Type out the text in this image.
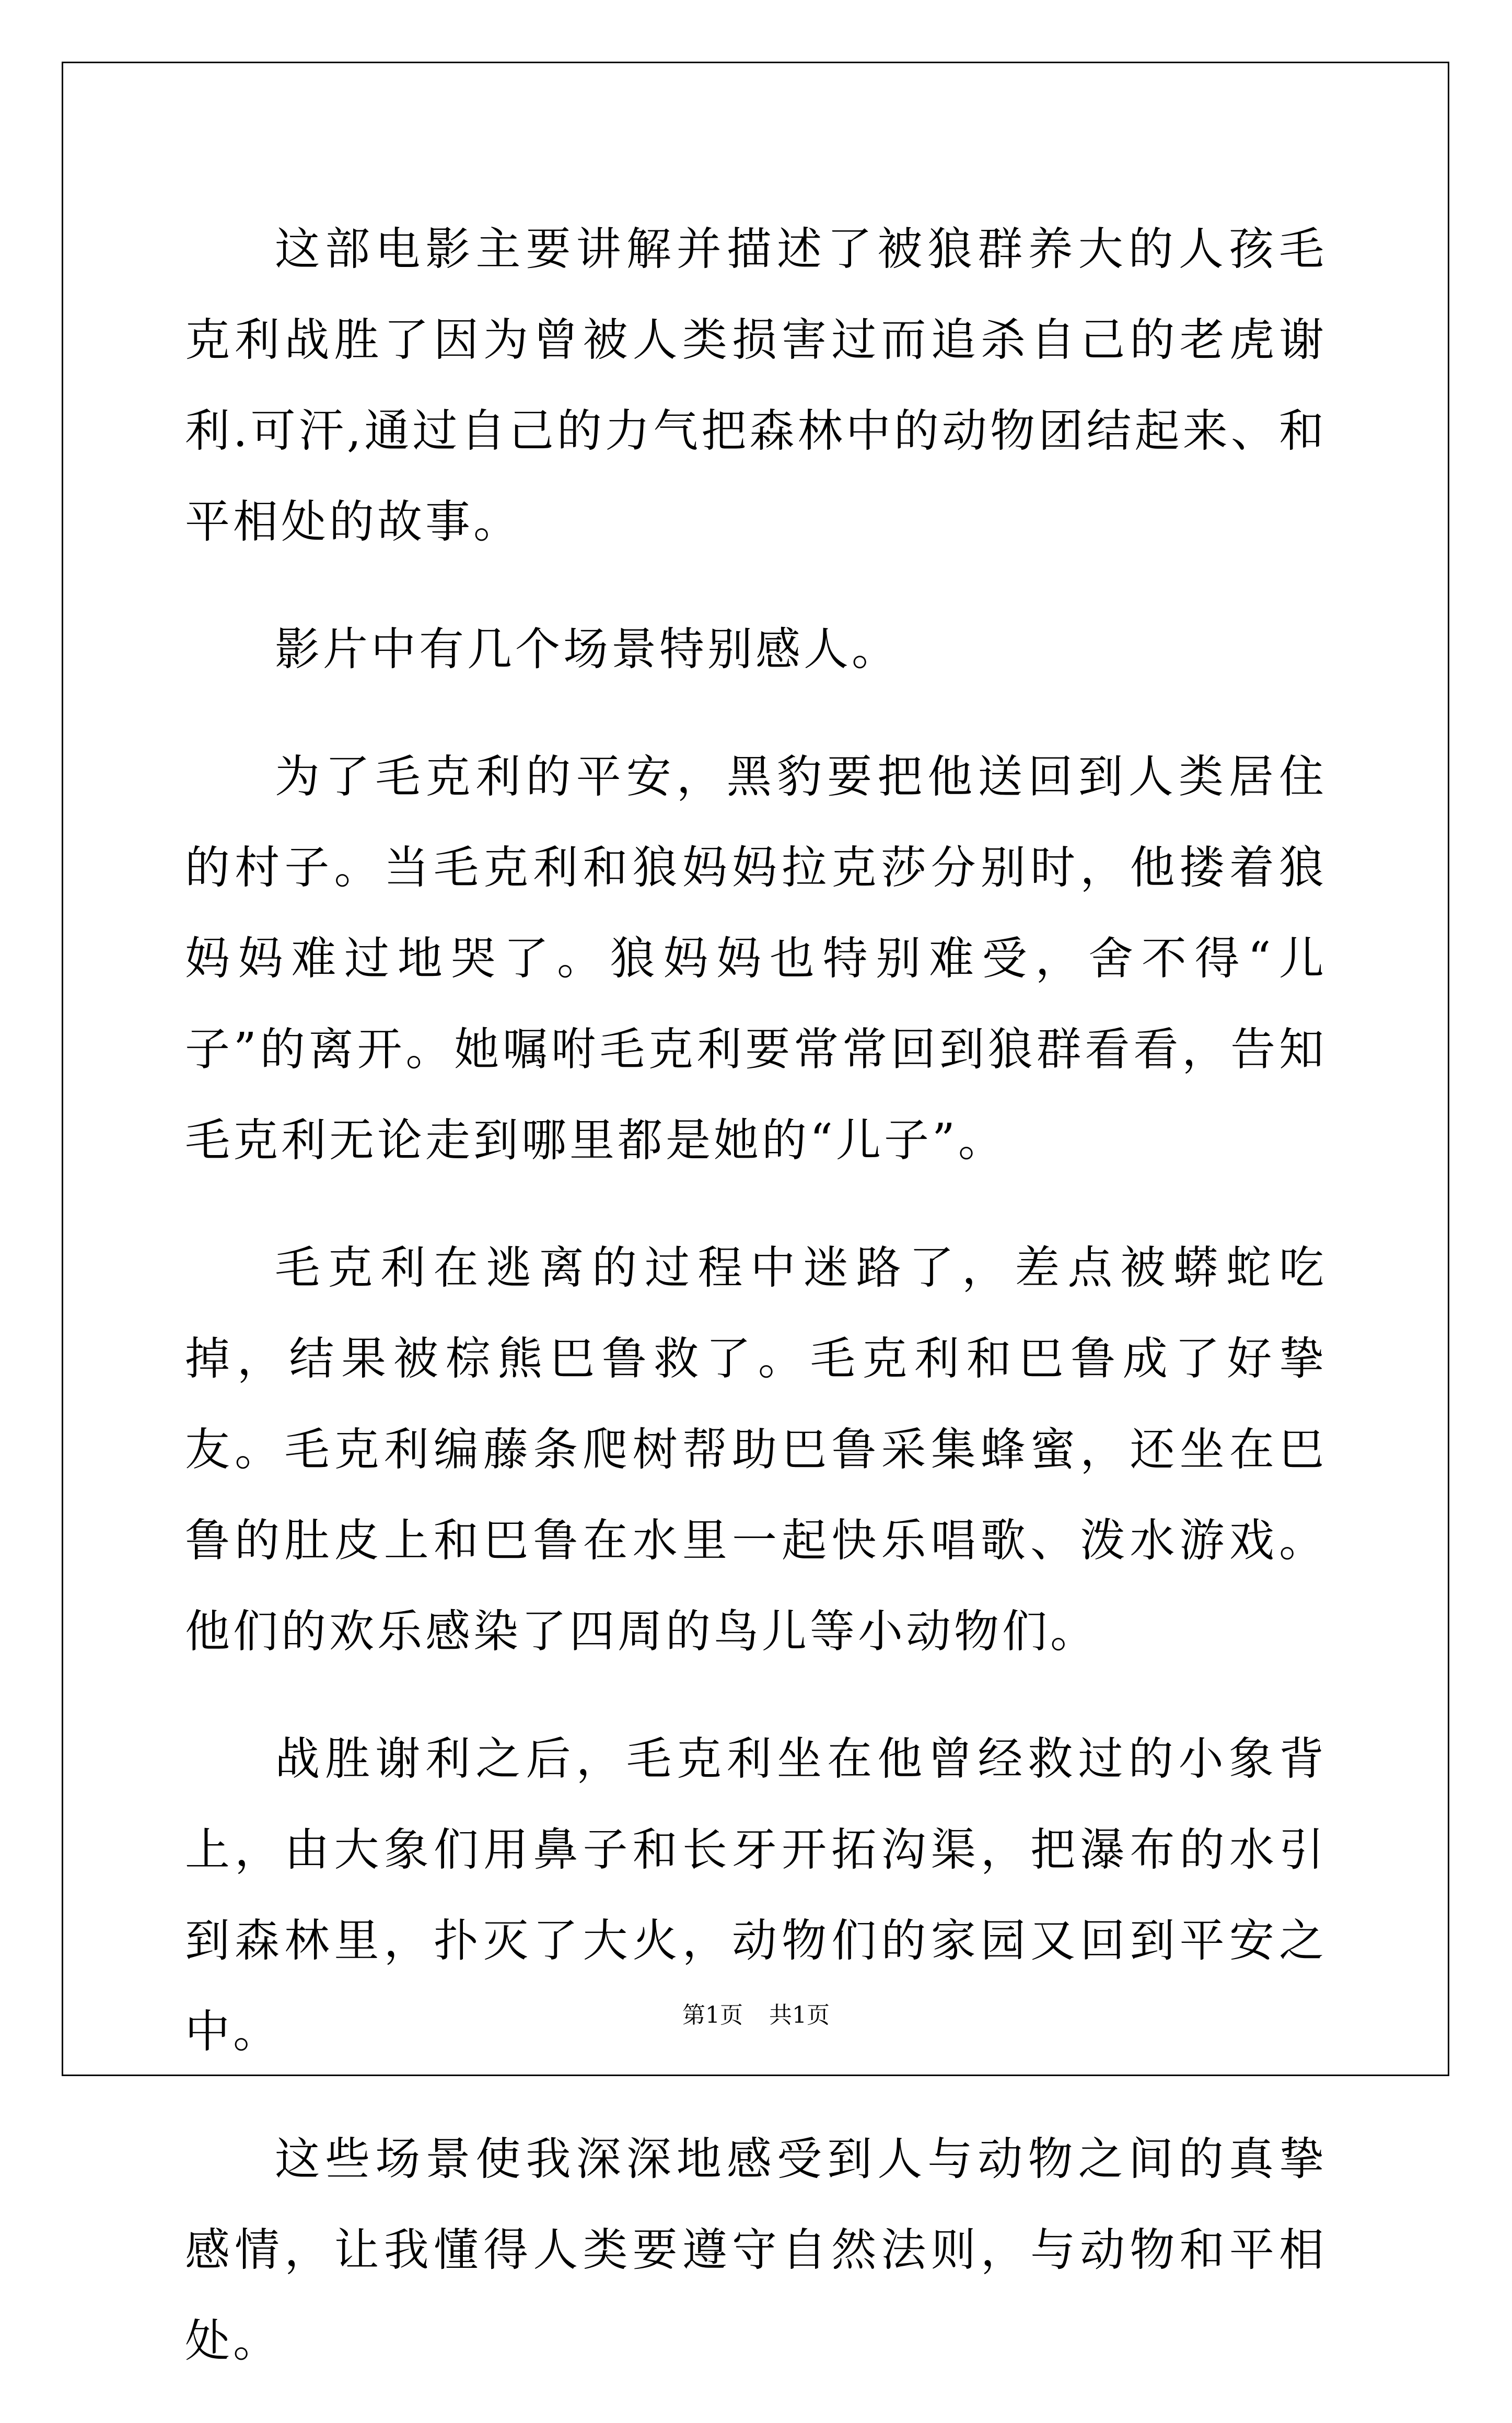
这部电影主要讲解并描述了被狼群养大的人孩毛克利战胜了因为曾被人类损害过而追杀自己的老虎谢利.可汗,通过自己的力气把森林中的动物团结起来、和平相处的故事。

影片中有几个场景特别感人。

为了毛克利的平安，黑豹要把他送回到人类居住的村子。当毛克利和狼妈妈拉克莎分别时，他搂着狼妈妈难过地哭了。狼妈妈也特别难受，舍不得“儿子”的离开。她嘱咐毛克利要常常回到狼群看看，告知毛克利无论走到哪里都是她的“儿子”。

毛克利在逃离的过程中迷路了，差点被蟒蛇吃掉，结果被棕熊巴鲁救了。毛克利和巴鲁成了好挚友。毛克利编藤条爬树帮助巴鲁采集蜂蜜，还坐在巴鲁的肚皮上和巴鲁在水里一起快乐唱歌、泼水游戏。他们的欢乐感染了四周的鸟儿等小动物们。

战胜谢利之后，毛克利坐在他曾经救过的小象背上，由大象们用鼻子和长牙开拓沟渠，把瀑布的水引到森林里，扑灭了大火，动物们的家园又回到平安之中。

这些场景使我深深地感受到人与动物之间的真挚感情，让我懂得人类要遵守自然法则，与动物和平相处。

第1页 共1页
